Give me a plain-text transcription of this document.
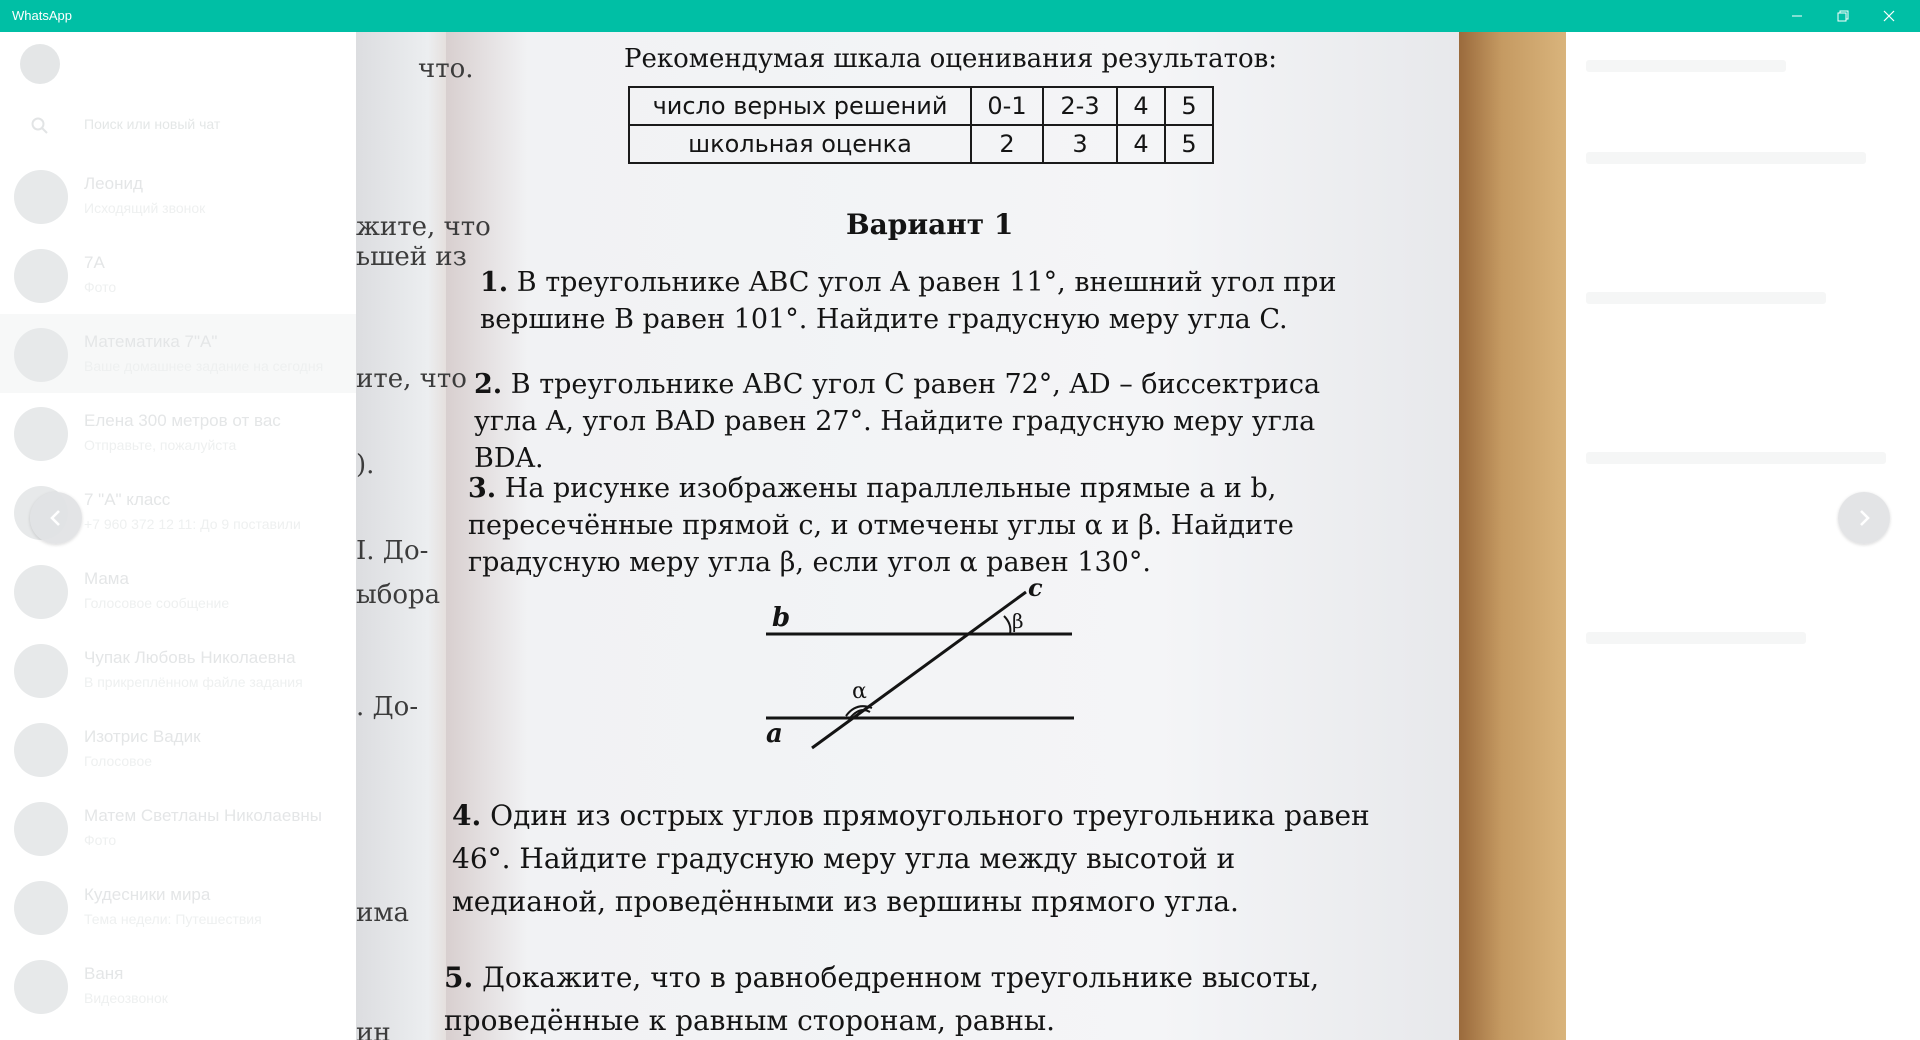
WhatsApp
Поиск или новый чат
Леонид
Исходящий звонок
7А
Фото
Математика 7"А"
Ваше домашнее задание на сегодня
Елена 300 метров от вас
Отправьте, пожалуйста
7 "А" класс
+7 960 372 12 11: До 9 поставили
Мама
Голосовое сообщение
Чупак Любовь Николаевна
В прикреплённом файле задания
Изотрис Вадик
Голосовое
Матем Светланы Николаевны
Фото
Кудесники мира
Тема недели: Путешествия
Ваня
Видеозвонок
что.
жите, что
ьшей из
ите, что
).
I. До-
ыбора
. До-
има
ин
Рекомендумая шкала оценивания результатов:
число верных решений	0-1	2-3	4	5
школьная оценка	2	3	4	5
Вариант 1
1. В треугольнике ABC угол A равен 11°, внешний угол при вершине B равен 101°. Найдите градусную меру угла C.
2. В треугольнике ABC угол C равен 72°, AD – биссектриса угла A, угол BAD равен 27°. Найдите градусную меру угла BDA.
3. На рисунке изображены параллельные прямые a и b, пересечённые прямой c, и отмечены углы α и β. Найдите градусную меру угла β, если угол α равен 130°.
b
a
c
β
α
4. Один из острых углов прямоугольного треугольника равен 46°. Найдите градусную меру угла между высотой и медианой, проведёнными из вершины прямого угла.
5. Докажите, что в равнобедренном треугольнике высоты, проведённые к равным сторонам, равны.
